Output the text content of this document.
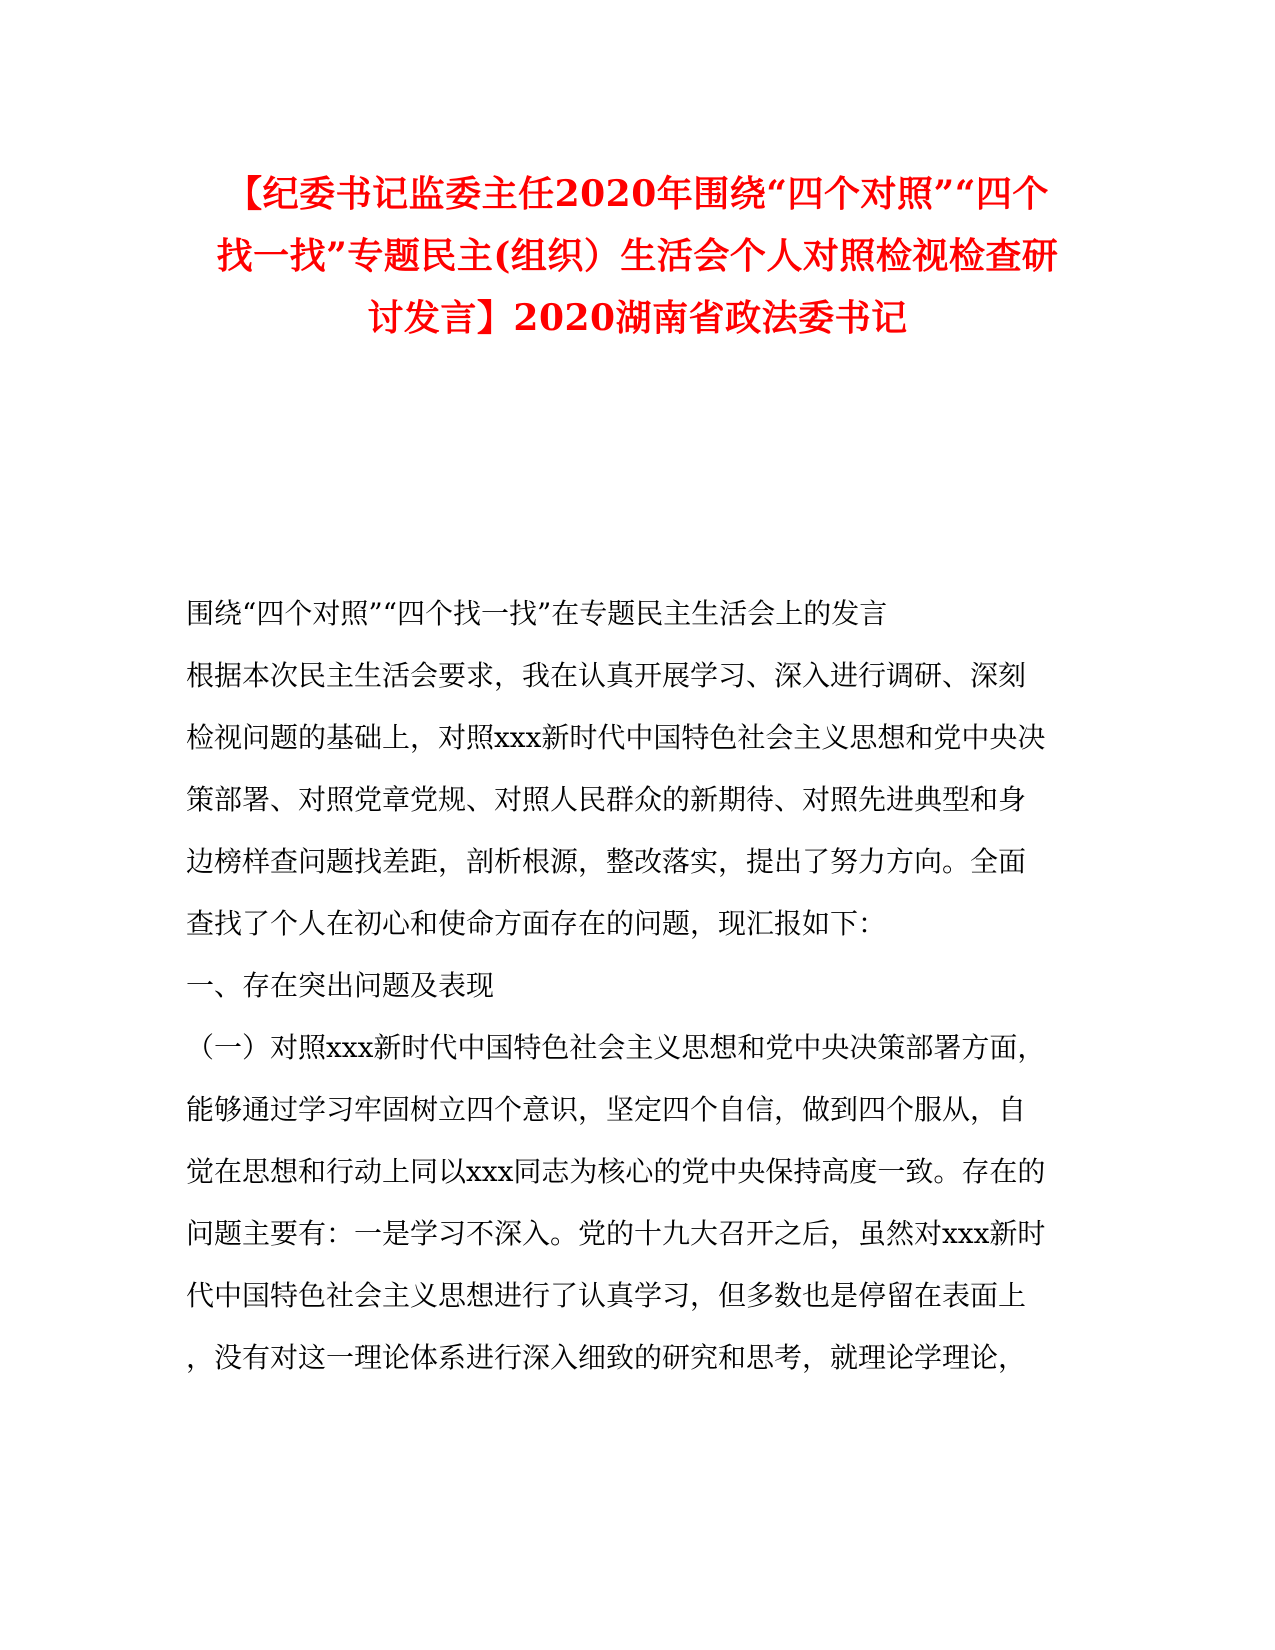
【纪委书记监委主任2020年围绕“四个对照”“四个
找一找”专题民主(组织）生活会个人对照检视检查研
讨发言】2020湖南省政法委书记
围绕“四个对照”“四个找一找”在专题民主生活会上的发言
根据本次民主生活会要求，我在认真开展学习、深入进行调研、深刻
检视问题的基础上，对照xxx新时代中国特色社会主义思想和党中央决
策部署、对照党章党规、对照人民群众的新期待、对照先进典型和身
边榜样查问题找差距，剖析根源，整改落实，提出了努力方向。全面
查找了个人在初心和使命方面存在的问题，现汇报如下：
一、存在突出问题及表现
（一）对照xxx新时代中国特色社会主义思想和党中央决策部署方面，
能够通过学习牢固树立四个意识，坚定四个自信，做到四个服从，自
觉在思想和行动上同以xxx同志为核心的党中央保持高度一致。存在的
问题主要有：一是学习不深入。党的十九大召开之后，虽然对xxx新时
代中国特色社会主义思想进行了认真学习，但多数也是停留在表面上
，没有对这一理论体系进行深入细致的研究和思考，就理论学理论，
